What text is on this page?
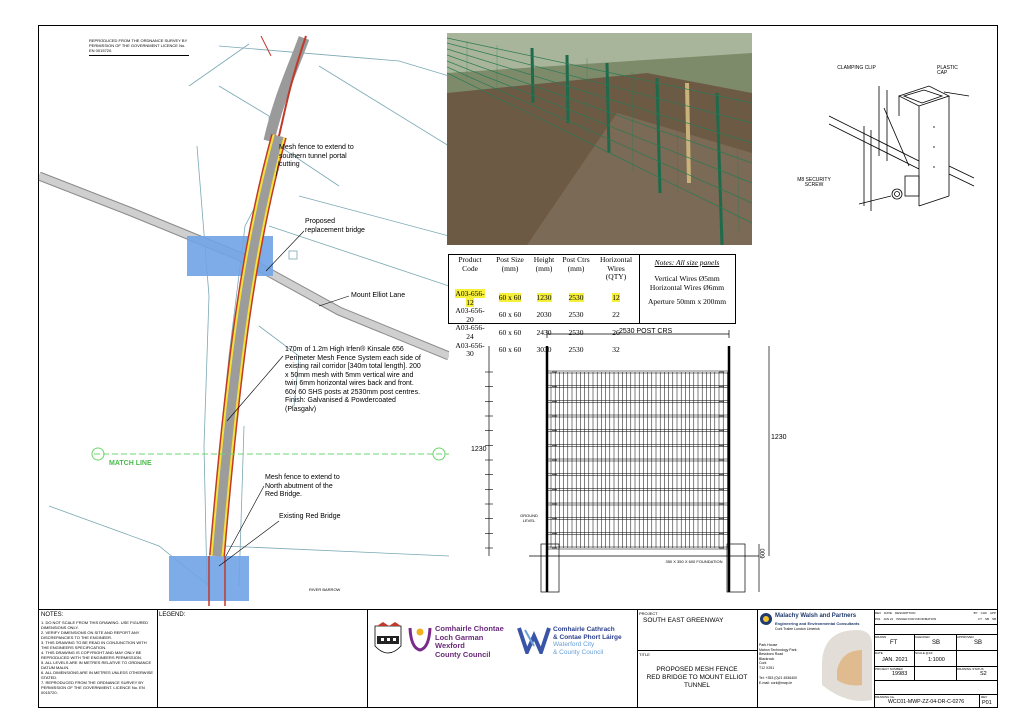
REPRODUCED FROM THE ORDNANCE SURVEY BY PERMISSION OF THE GOVERNMENT LICENCE No. EN 0015720.
Mesh fence to extend to southern tunnel portal cutting
Proposed replacement bridge
Mount Elliot Lane
170m of 1.2m High Irfen® Kinsale 656 Perimeter Mesh Fence System each side of existing rail corridor [340m total length]. 200 x 50mm mesh with 5mm vertical wire and twin 6mm horizontal wires back and front. 60x 60 SHS posts at 2530mm post centres. Finish: Galvanised & Powdercoated (Plasgalv)
MATCH LINE
Mesh fence to extend to North abutment of the Red Bridge.
Existing Red Bridge
RIVER BARROW
CLAMPING CLIP	PLASTIC CAP
M8 SECURITY SCREW
Product Code	Post Size (mm)	Height (mm)	Post Ctrs (mm)	Horizontal Wires (QTY)
A03-656-12	60 x 60	1230	2530	12
A03-656-20	60 x 60	2030	2530	22
A03-656-24	60 x 60	2430	2530	26
A03-656-30	60 x 60	3030	2530	32
Notes: All size panels
Vertical Wires Ø5mm
Horizontal Wires Ø6mm
Aperture 50mm x 200mm
2530 POST CRS
1230
1230
GROUND LEVEL
350 X 350 X 600 FOUNDATION
600
NOTES:
1. DO NOT SCALE FROM THIS DRAWING. USE FIGURED DIMENSIONS ONLY.
2. VERIFY DIMENSIONS ON SITE AND REPORT ANY DISCREPANCIES TO THE ENGINEER.
3. THIS DRAWING TO BE READ IN CONJUNCTION WITH THE ENGINEERS SPECIFICATION.
4. THIS DRAWING IS COPYRIGHT AND MAY ONLY BE REPRODUCED WITH THE ENGINEERS PERMISSION.
5. ALL LEVELS ARE IN METRES RELATIVE TO ORDNANCE DATUM MALIN.
6. ALL DIMENSIONS ARE IN METRES UNLESS OTHERWISE STATED.
7. REPRODUCED FROM THE ORDNANCE SURVEY BY PERMISSION OF THE GOVERNMENT. LICENCE No. EN 0015720.
LEGEND:
Comhairle Chontae
Loch Garman
Wexford
County Council
Comhairle Cathrach
& Contae Phort Láirge
Waterford City
& County Council
PROJECT
SOUTH EAST GREENWAY
TITLE
PROPOSED MESH FENCE
RED BRIDGE TO MOUNT ELLIOT
TUNNEL
Malachy Walsh and Partners
Engineering and Environmental Consultants
Cork Tralee London Limerick
Park House
Mahon Technology Park
Bessboro Road
Blackrock
Cork
T12 X251
Tel: +353 (0)21 4536400
E-mail: cork@mwp.ie
REV DATE DESCRIPTION	BY CHK APP
P01 JAN 21 ISSUED FOR INFORMATION	FT SB SB
DRAWN
FT
CHECKED
SB
APPROVED
SB
DATE
JAN. 2021
SCALE @A3
1:1000
PROJECT NUMBER
19983
DRAWING STATUS
S2
DRAWING No.
WCC01-MWP-ZZ-04-DR-C-0276
REV
P01
